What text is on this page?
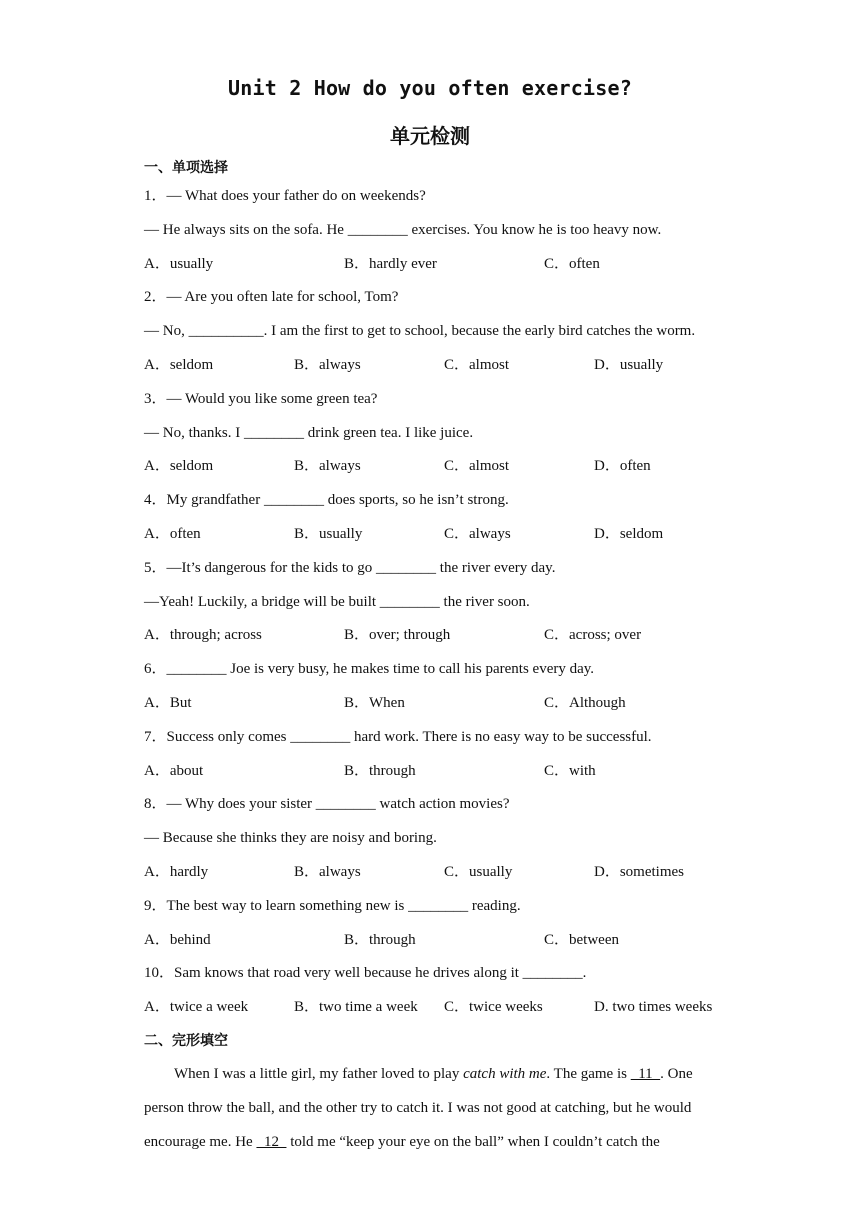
Unit 2 How do you often exercise?
单元检测
一、单项选择
1．— What does your father do on weekends?
— He always sits on the sofa. He ________ exercises. You know he is too heavy now.
A．usually	B．hardly ever	C．often
2．— Are you often late for school, Tom?
— No, __________. I am the first to get to school, because the early bird catches the worm.
A．seldom	B．always	C．almost	D．usually
3．— Would you like some green tea?
— No, thanks. I ________ drink green tea. I like juice.
A．seldom	B．always	C．almost	D．often
4．My grandfather ________ does sports, so he isn’t strong.
A．often	B．usually	C．always	D．seldom
5．—It’s dangerous for the kids to go ________ the river every day.
—Yeah! Luckily, a bridge will be built ________ the river soon.
A．through; across	B．over; through	C．across; over
6．________ Joe is very busy, he makes time to call his parents every day.
A．But	B．When	C．Although
7．Success only comes ________ hard work. There is no easy way to be successful.
A．about	B．through	C．with
8．— Why does your sister ________ watch action movies?
— Because she thinks they are noisy and boring.
A．hardly	B．always	C．usually	D．sometimes
9．The best way to learn something new is ________ reading.
A．behind	B．through	C．between
10．Sam knows that road very well because he drives along it ________.
A．twice a week	B．two time a week C．twice weeks	D. two times weeks
二、完形填空
When I was a little girl, my father loved to play catch with me. The game is   11  . One
person throw the ball, and the other try to catch it. I was not good at catching, but he would
encourage me. He   12   told me “keep your eye on the ball” when I couldn’t catch the
